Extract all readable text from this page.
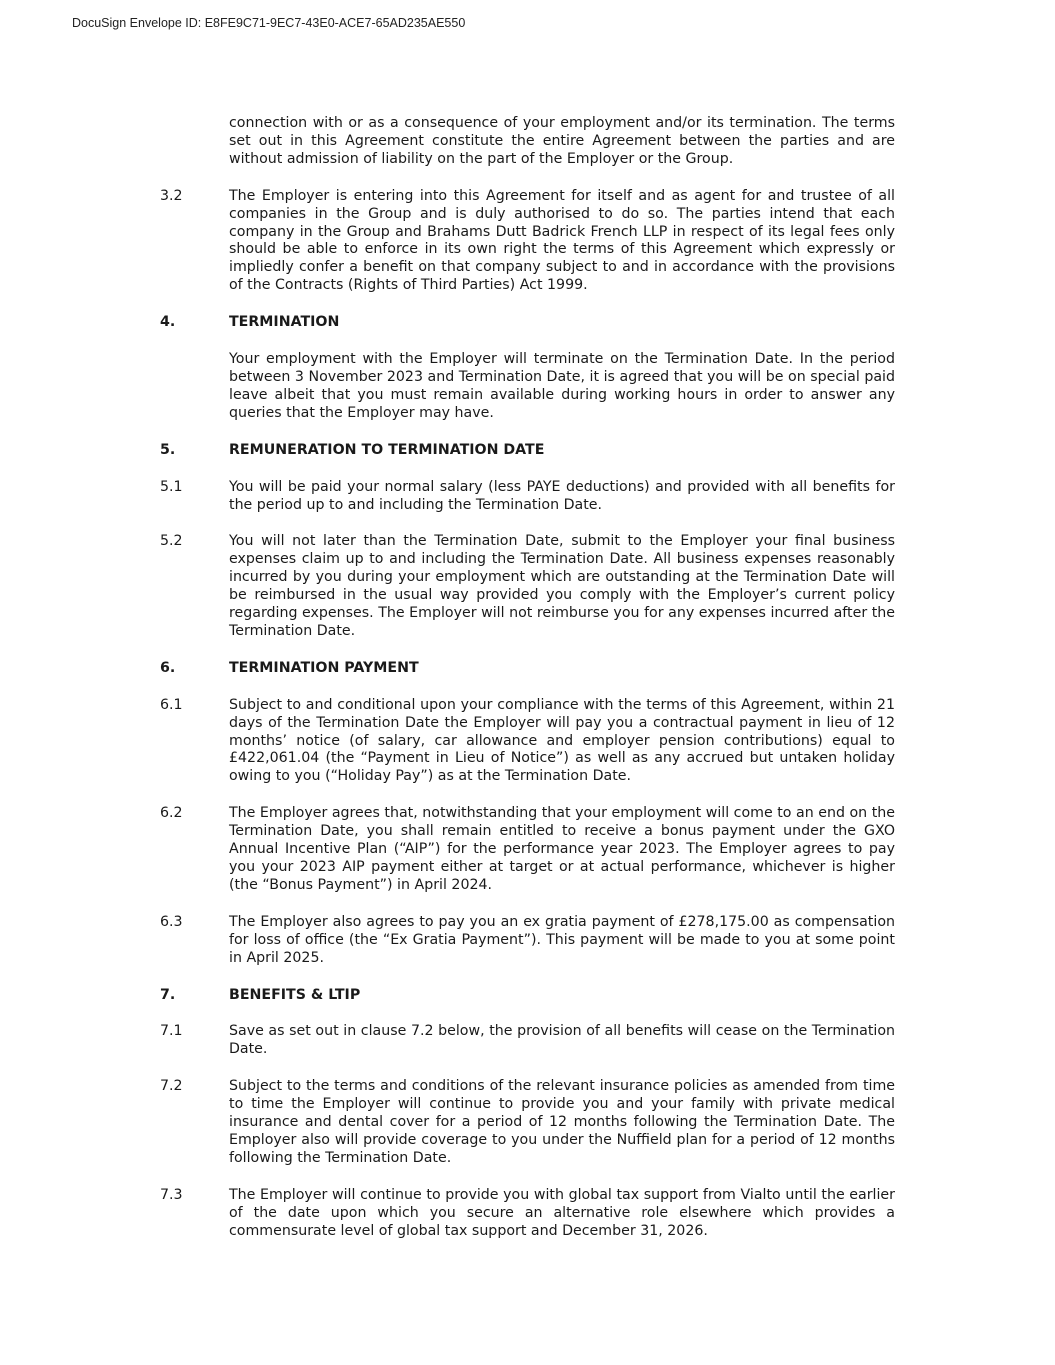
DocuSign Envelope ID: E8FE9C71-9EC7-43E0-ACE7-65AD235AE550
connection with or as a consequence of your employment and/or its termination. The terms set out in this Agreement constitute the entire Agreement between the parties and are without admission of liability on the part of the Employer or the Group.
3.2	The Employer is entering into this Agreement for itself and as agent for and trustee of all companies in the Group and is duly authorised to do so. The parties intend that each company in the Group and Brahams Dutt Badrick French LLP in respect of its legal fees only should be able to enforce in its own right the terms of this Agreement which expressly or impliedly confer a benefit on that company subject to and in accordance with the provisions of the Contracts (Rights of Third Parties) Act 1999.
4.	TERMINATION
Your employment with the Employer will terminate on the Termination Date. In the period between 3 November 2023 and Termination Date, it is agreed that you will be on special paid leave albeit that you must remain available during working hours in order to answer any queries that the Employer may have.
5.	REMUNERATION TO TERMINATION DATE
5.1	You will be paid your normal salary (less PAYE deductions) and provided with all benefits for the period up to and including the Termination Date.
5.2	You will not later than the Termination Date, submit to the Employer your final business expenses claim up to and including the Termination Date. All business expenses reasonably incurred by you during your employment which are outstanding at the Termination Date will be reimbursed in the usual way provided you comply with the Employer’s current policy regarding expenses. The Employer will not reimburse you for any expenses incurred after the Termination Date.
6.	TERMINATION PAYMENT
6.1	Subject to and conditional upon your compliance with the terms of this Agreement, within 21 days of the Termination Date the Employer will pay you a contractual payment in lieu of 12 months’ notice (of salary, car allowance and employer pension contributions) equal to £422,061.04 (the “Payment in Lieu of Notice”) as well as any accrued but untaken holiday owing to you (“Holiday Pay”) as at the Termination Date.
6.2	The Employer agrees that, notwithstanding that your employment will come to an end on the Termination Date, you shall remain entitled to receive a bonus payment under the GXO Annual Incentive Plan (“AIP”) for the performance year 2023. The Employer agrees to pay you your 2023 AIP payment either at target or at actual performance, whichever is higher (the “Bonus Payment”) in April 2024.
6.3	The Employer also agrees to pay you an ex gratia payment of £278,175.00 as compensation for loss of office (the “Ex Gratia Payment”). This payment will be made to you at some point in April 2025.
7.	BENEFITS & LTIP
7.1	Save as set out in clause 7.2 below, the provision of all benefits will cease on the Termination Date.
7.2	Subject to the terms and conditions of the relevant insurance policies as amended from time to time the Employer will continue to provide you and your family with private medical insurance and dental cover for a period of 12 months following the Termination Date. The Employer also will provide coverage to you under the Nuffield plan for a period of 12 months following the Termination Date.
7.3	The Employer will continue to provide you with global tax support from Vialto until the earlier of the date upon which you secure an alternative role elsewhere which provides a commensurate level of global tax support and December 31, 2026.
